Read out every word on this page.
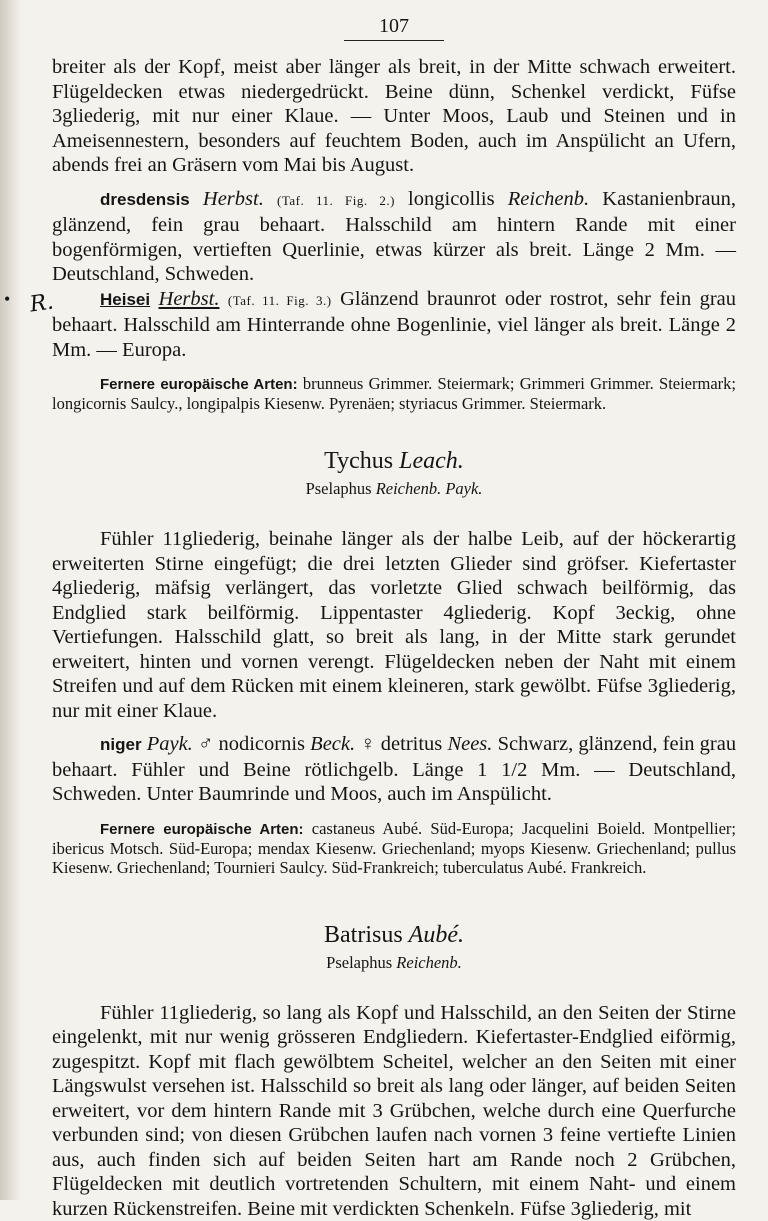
107

breiter als der Kopf, meist aber länger als breit, in der Mitte schwach erweitert. Flügeldecken etwas niedergedrückt. Beine dünn, Schenkel verdickt, Füfse 3gliederig, mit nur einer Klaue. — Unter Moos, Laub und Steinen und in Ameisennestern, besonders auf feuchtem Boden, auch im Anspülicht an Ufern, abends frei an Gräsern vom Mai bis August.

dresdensis Herbst. (Taf. 11. Fig. 2.) longicollis Reichenb. Kastanienbraun, glänzend, fein grau behaart. Halsschild am hintern Rande mit einer bogenförmigen, vertieften Querlinie, etwas kürzer als breit. Länge 2 Mm. — Deutschland, Schweden.

• R.	Heisei Herbst. (Taf. 11. Fig. 3.) Glänzend braunrot oder rostrot, sehr fein grau behaart. Halsschild am Hinterrande ohne Bogenlinie, viel länger als breit. Länge 2 Mm. — Europa.

Fernere europäische Arten: brunneus Grimmer. Steiermark; Grimmeri Grimmer. Steiermark; longicornis Saulcy., longipalpis Kiesenw. Pyrenäen; styriacus Grimmer. Steiermark.

Tychus Leach.
Pselaphus Reichenb. Payk.

Fühler 11gliederig, beinahe länger als der halbe Leib, auf der höckerartig erweiterten Stirne eingefügt; die drei letzten Glieder sind gröfser. Kiefertaster 4gliederig, mäfsig verlängert, das vorletzte Glied schwach beilförmig, das Endglied stark beilförmig. Lippentaster 4gliederig. Kopf 3eckig, ohne Vertiefungen. Halsschild glatt, so breit als lang, in der Mitte stark gerundet erweitert, hinten und vornen verengt. Flügeldecken neben der Naht mit einem Streifen und auf dem Rücken mit einem kleineren, stark gewölbt. Füfse 3gliederig, nur mit einer Klaue.

niger Payk. ♂ nodicornis Beck. ♀ detritus Nees. Schwarz, glänzend, fein grau behaart. Fühler und Beine rötlichgelb. Länge 1 1/2 Mm. — Deutschland, Schweden. Unter Baumrinde und Moos, auch im Anspülicht.

Fernere europäische Arten: castaneus Aubé. Süd-Europa; Jacquelini Boield. Montpellier; ibericus Motsch. Süd-Europa; mendax Kiesenw. Griechenland; myops Kiesenw. Griechenland; pullus Kiesenw. Griechenland; Tournieri Saulcy. Süd-Frankreich; tuberculatus Aubé. Frankreich.

Batrisus Aubé.
Pselaphus Reichenb.

Fühler 11gliederig, so lang als Kopf und Halsschild, an den Seiten der Stirne eingelenkt, mit nur wenig grösseren Endgliedern. Kiefertaster-Endglied eiförmig, zugespitzt. Kopf mit flach gewölbtem Scheitel, welcher an den Seiten mit einer Längswulst versehen ist. Halsschild so breit als lang oder länger, auf beiden Seiten erweitert, vor dem hintern Rande mit 3 Grübchen, welche durch eine Querfurche verbunden sind; von diesen Grübchen laufen nach vornen 3 feine vertiefte Linien aus, auch finden sich auf beiden Seiten hart am Rande noch 2 Grübchen, Flügeldecken mit deutlich vortretenden Schultern, mit einem Naht- und einem kurzen Rückenstreifen. Beine mit verdickten Schenkeln. Füfse 3gliederig, mit
